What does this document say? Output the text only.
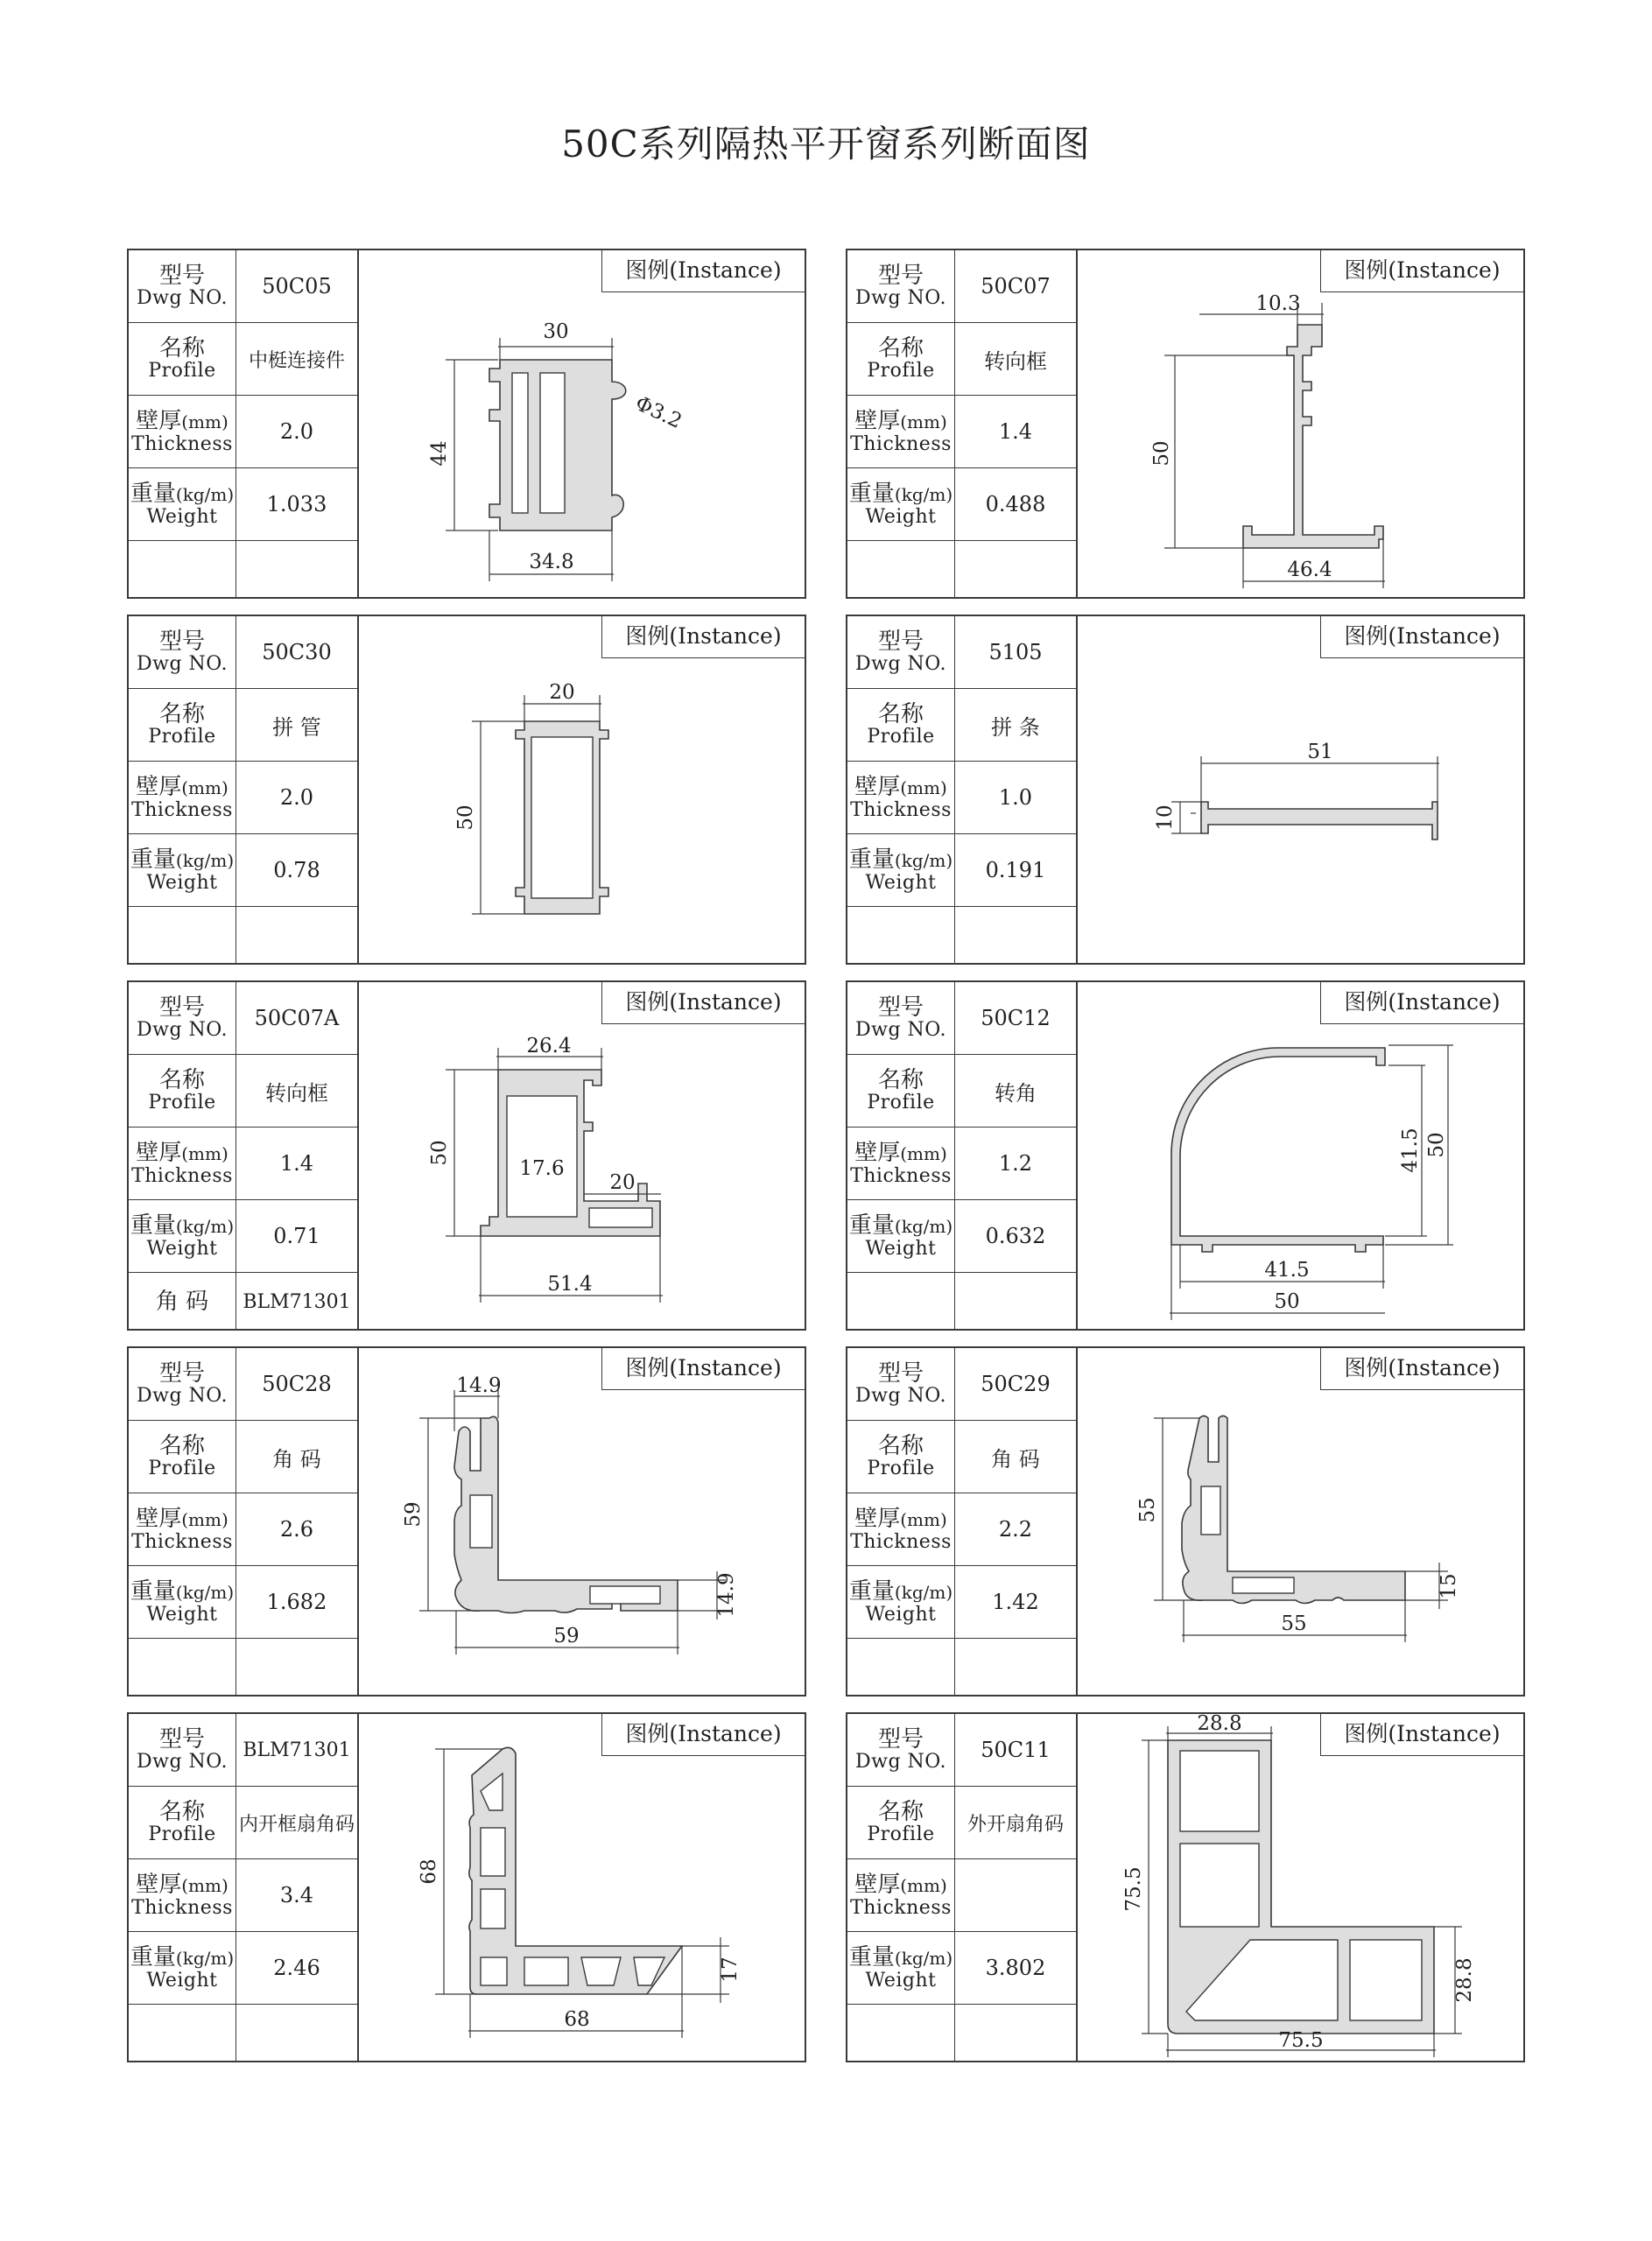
50C系列隔热平开窗系列断面图
型号
Dwg NO.	50C05

名称
Profile	中梃连接件

壁厚(mm)
Thickness	2.0

重量(kg/m)
Weight	1.033

图例(Instance)
30
Φ3.2
44
34.8
型号
Dwg NO.	50C07

名称
Profile	转向框

壁厚(mm)
Thickness	1.4

重量(kg/m)
Weight	0.488

图例(Instance)
10.3
50
46.4
型号
Dwg NO.	50C30

名称
Profile	拼 管

壁厚(mm)
Thickness	2.0

重量(kg/m)
Weight	0.78

图例(Instance)
20
50
型号
Dwg NO.	5105

名称
Profile	拼 条

壁厚(mm)
Thickness	1.0

重量(kg/m)
Weight	0.191

图例(Instance)
51
10
型号
Dwg NO.	50C07A

名称
Profile	转向框

壁厚(mm)
Thickness	1.4

重量(kg/m)
Weight	0.71

角 码	BLM71301
图例(Instance)
26.4
50
17.6
20
51.4
型号
Dwg NO.	50C12

名称
Profile	转角

壁厚(mm)
Thickness	1.2

重量(kg/m)
Weight	0.632

图例(Instance)
41.5 50
41.5
50
型号
Dwg NO.	50C28

名称
Profile	角 码

壁厚(mm)
Thickness	2.6

重量(kg/m)
Weight	1.682

图例(Instance)
14.9
59
14.9
59
型号
Dwg NO.	50C29

名称
Profile	角 码

壁厚(mm)
Thickness	2.2

重量(kg/m)
Weight	1.42

图例(Instance)
55
15
55
型号
Dwg NO.	BLM71301

名称
Profile	内开框扇角码

壁厚(mm)
Thickness	3.4

重量(kg/m)
Weight	2.46

图例(Instance)
68
17
68
型号
Dwg NO.	50C11

名称
Profile	外开扇角码

壁厚(mm)
Thickness	

重量(kg/m)
Weight	3.802

图例(Instance)
28.8
75.5
28.8
75.5
